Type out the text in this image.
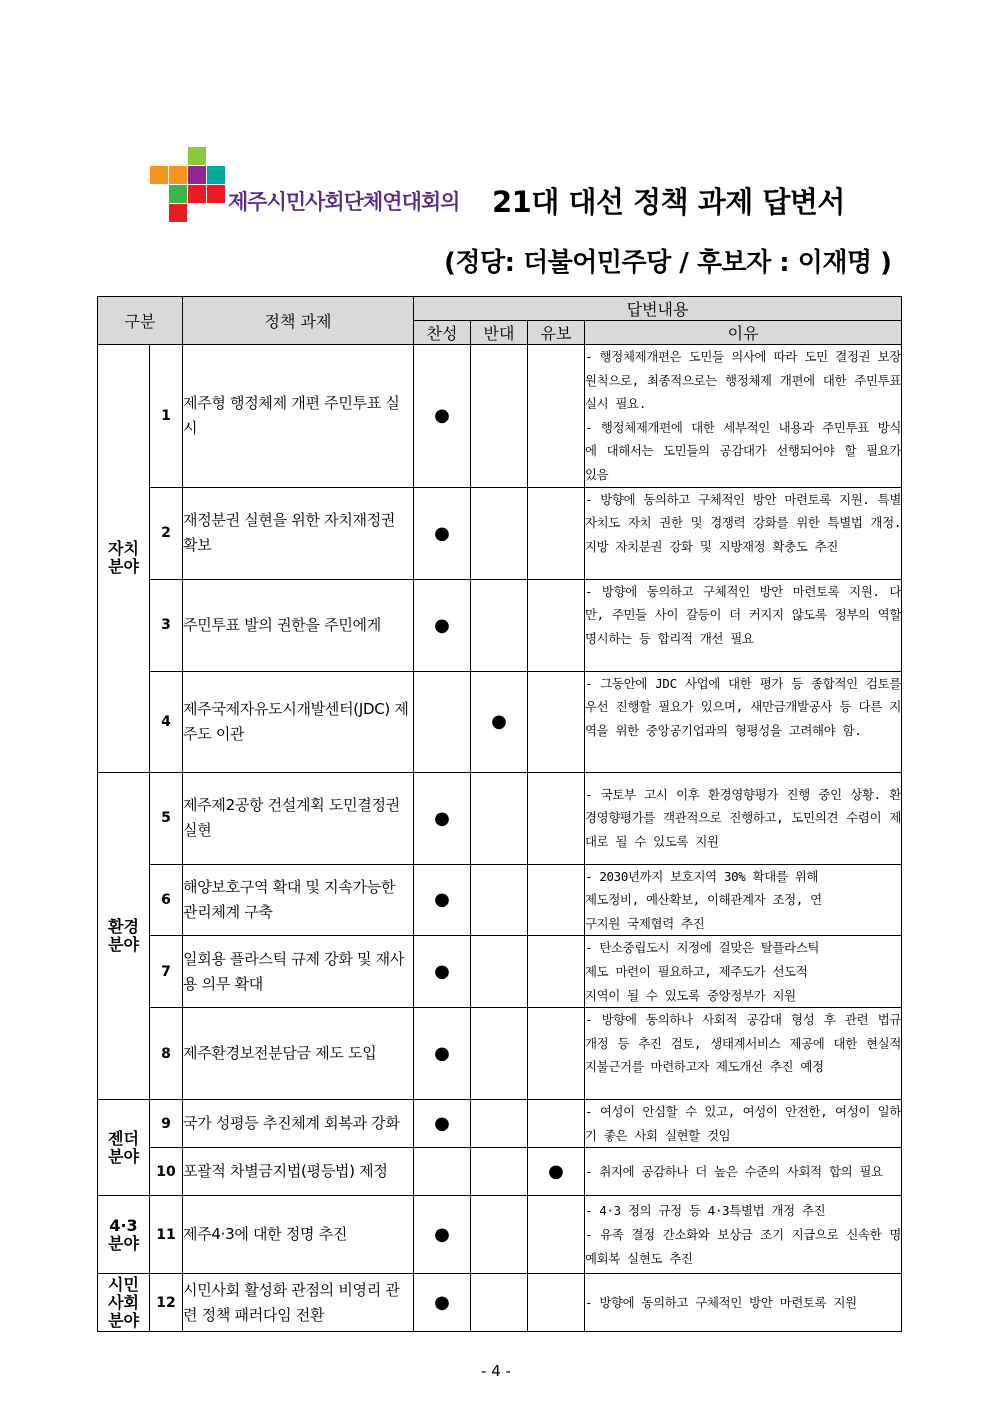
제주시민사회단체연대회의 21대 대선 정책 과제 답변서
(정당: 더불어민주당 / 후보자 : 이재명 )
구분		정책 과제	답변내용			
			찬성	반대	유보	이유
자치
분야	1	제주형 행정체제 개편 주민투표 실시	●			- 행정체제개편은 도민들 의사에 따라 도민 결정권 보장 원칙으로, 최종적으로는 행정체제 개편에 대한 주민투표 실시 필요.
- 행정체제개편에 대한 세부적인 내용과 주민투표 방식에 대해서는 도민들의 공감대가 선행되어야 할 필요가 있음
	2	재정분권 실현을 위한 자치재정권 확보	●			- 방향에 동의하고 구체적인 방안 마련토록 지원. 특별자치도 자치 권한 및 경쟁력 강화를 위한 특별법 개정. 지방 자치분권 강화 및 지방재정 확충도 추진
	3	주민투표 발의 권한을 주민에게	●			- 방향에 동의하고 구체적인 방안 마련토록 지원. 다만, 주민들 사이 갈등이 더 커지지 않도록 정부의 역할 명시하는 등 합리적 개선 필요
	4	제주국제자유도시개발센터(JDC) 제주도 이관		●		- 그동안에 JDC 사업에 대한 평가 등 종합적인 검토를 우선 진행할 필요가 있으며, 새만금개발공사 등 다른 지역을 위한 중앙공기업과의 형평성을 고려해야 함.
환경
분야	5	제주제2공항 건설계획 도민결정권 실현	●			- 국토부 고시 이후 환경영향평가 진행 중인 상황. 환경영향평가를 객관적으로 진행하고, 도민의견 수렴이 제대로 될 수 있도록 지원
	6	해양보호구역 확대 및 지속가능한 관리체계 구축	●			- 2030년까지 보호지역 30% 확대를 위해
제도정비, 예산확보, 이해관계자 조정, 연
구지원 국제협력 추진
	7	일회용 플라스틱 규제 강화 및 재사용 의무 확대	●			- 탄소중립도시 지정에 걸맞은 탈플라스틱
제도 마련이 필요하고, 제주도가 선도적
지역이 될 수 있도록 중앙정부가 지원
	8	제주환경보전분담금 제도 도입	●			- 방향에 동의하나 사회적 공감대 형성 후 관련 법규 개정 등 추진 검토, 생태계서비스 제공에 대한 현실적 지불근거를 마련하고자 제도개선 추진 예정
젠더
분야	9	국가 성평등 추진체계 회복과 강화	●			- 여성이 안심할 수 있고, 여성이 안전한, 여성이 일하기 좋은 사회 실현할 것임
	10	포괄적 차별금지법(평등법) 제정			●	- 취지에 공감하나 더 높은 수준의 사회적 합의 필요
4·3
분야	11	제주4·3에 대한 정명 추진	●			- 4·3 정의 규정 등 4·3특별법 개정 추진
- 유족 결정 간소화와 보상금 조기 지급으로 신속한 명예회복 실현도 추진
시민
사회
분야	12	시민사회 활성화 관점의 비영리 관련 정책 패러다임 전환	●			- 방향에 동의하고 구체적인 방안 마련토록 지원
- 4 -
